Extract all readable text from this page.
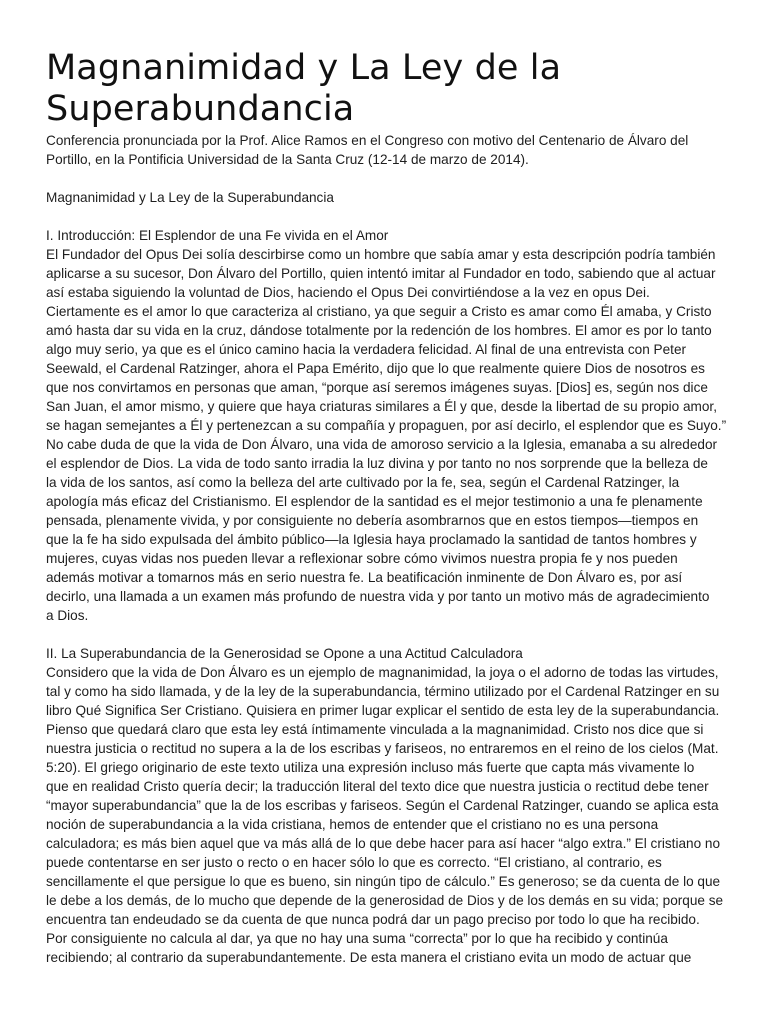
Magnanimidad y La Ley de la
Superabundancia
Conferencia pronunciada por la Prof. Alice Ramos en el Congreso con motivo del Centenario de Álvaro del
Portillo, en la Pontificia Universidad de la Santa Cruz (12-14 de marzo de 2014).
Magnanimidad y La Ley de la Superabundancia
I. Introducción: El Esplendor de una Fe vivida en el Amor
El Fundador del Opus Dei solía descirbirse como un hombre que sabía amar y esta descripción podría también
aplicarse a su sucesor, Don Álvaro del Portillo, quien intentó imitar al Fundador en todo, sabiendo que al actuar
así estaba siguiendo la voluntad de Dios, haciendo el Opus Dei convirtiéndose a la vez en opus Dei.
Ciertamente es el amor lo que caracteriza al cristiano, ya que seguir a Cristo es amar como Él amaba, y Cristo
amó hasta dar su vida en la cruz, dándose totalmente por la redención de los hombres. El amor es por lo tanto
algo muy serio, ya que es el único camino hacia la verdadera felicidad. Al final de una entrevista con Peter
Seewald, el Cardenal Ratzinger, ahora el Papa Emérito, dijo que lo que realmente quiere Dios de nosotros es
que nos convirtamos en personas que aman, “porque así seremos imágenes suyas. [Dios] es, según nos dice
San Juan, el amor mismo, y quiere que haya criaturas similares a Él y que, desde la libertad de su propio amor,
se hagan semejantes a Él y pertenezcan a su compañía y propaguen, por así decirlo, el esplendor que es Suyo.”
No cabe duda de que la vida de Don Álvaro, una vida de amoroso servicio a la Iglesia, emanaba a su alrededor
el esplendor de Dios. La vida de todo santo irradia la luz divina y por tanto no nos sorprende que la belleza de
la vida de los santos, así como la belleza del arte cultivado por la fe, sea, según el Cardenal Ratzinger, la
apología más eficaz del Cristianismo. El esplendor de la santidad es el mejor testimonio a una fe plenamente
pensada, plenamente vivida, y por consiguiente no debería asombrarnos que en estos tiempos—tiempos en
que la fe ha sido expulsada del ámbito público—la Iglesia haya proclamado la santidad de tantos hombres y
mujeres, cuyas vidas nos pueden llevar a reflexionar sobre cómo vivimos nuestra propia fe y nos pueden
además motivar a tomarnos más en serio nuestra fe. La beatificación inminente de Don Álvaro es, por así
decirlo, una llamada a un examen más profundo de nuestra vida y por tanto un motivo más de agradecimiento
a Dios.
II. La Superabundancia de la Generosidad se Opone a una Actitud Calculadora
Considero que la vida de Don Álvaro es un ejemplo de magnanimidad, la joya o el adorno de todas las virtudes,
tal y como ha sido llamada, y de la ley de la superabundancia, término utilizado por el Cardenal Ratzinger en su
libro Qué Significa Ser Cristiano. Quisiera en primer lugar explicar el sentido de esta ley de la superabundancia.
Pienso que quedará claro que esta ley está íntimamente vinculada a la magnanimidad. Cristo nos dice que si
nuestra justicia o rectitud no supera a la de los escribas y fariseos, no entraremos en el reino de los cielos (Mat.
5:20). El griego originario de este texto utiliza una expresión incluso más fuerte que capta más vivamente lo
que en realidad Cristo quería decir; la traducción literal del texto dice que nuestra justicia o rectitud debe tener
“mayor superabundancia” que la de los escribas y fariseos. Según el Cardenal Ratzinger, cuando se aplica esta
noción de superabundancia a la vida cristiana, hemos de entender que el cristiano no es una persona
calculadora; es más bien aquel que va más allá de lo que debe hacer para así hacer “algo extra.” El cristiano no
puede contentarse en ser justo o recto o en hacer sólo lo que es correcto. “El cristiano, al contrario, es
sencillamente el que persigue lo que es bueno, sin ningún tipo de cálculo.” Es generoso; se da cuenta de lo que
le debe a los demás, de lo mucho que depende de la generosidad de Dios y de los demás en su vida; porque se
encuentra tan endeudado se da cuenta de que nunca podrá dar un pago preciso por todo lo que ha recibido.
Por consiguiente no calcula al dar, ya que no hay una suma “correcta” por lo que ha recibido y continúa
recibiendo; al contrario da superabundantemente. De esta manera el cristiano evita un modo de actuar que
